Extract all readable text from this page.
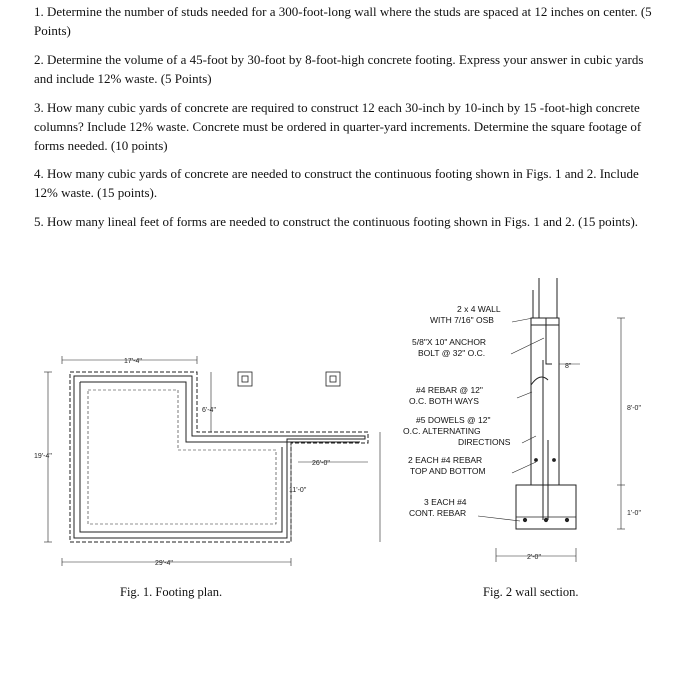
1. Determine the number of studs needed for a 300-foot-long wall where the studs are spaced at 12 inches on center. (5 Points)
2. Determine the volume of a 45-foot by 30-foot by 8-foot-high concrete footing. Express your answer in cubic yards and include 12% waste. (5 Points)
3. How many cubic yards of concrete are required to construct 12 each 30-inch by 10-inch by 15 -foot-high concrete columns? Include 12% waste. Concrete must be ordered in quarter-yard increments. Determine the square footage of forms needed. (10 points)
4. How many cubic yards of concrete are needed to construct the continuous footing shown in Figs. 1 and 2. Include 12% waste. (15 points).
5. How many lineal feet of forms are needed to construct the continuous footing shown in Figs. 1 and 2. (15 points).
17'-4"
6'-4"
19'-4"
26'-0"
11'-0"
29'-4"
Fig. 1. Footing plan.
2 x 4 WALL
WITH 7/16" OSB
5/8"X 10" ANCHOR
BOLT @ 32" O.C.
#4 REBAR @ 12"
O.C. BOTH WAYS
#5 DOWELS @ 12"
O.C. ALTERNATING
DIRECTIONS
2 EACH #4 REBAR
TOP AND BOTTOM
3 EACH #4
CONT. REBAR
8"
8'-0"
1'-0"
2'-0"
Fig. 2 wall section.
